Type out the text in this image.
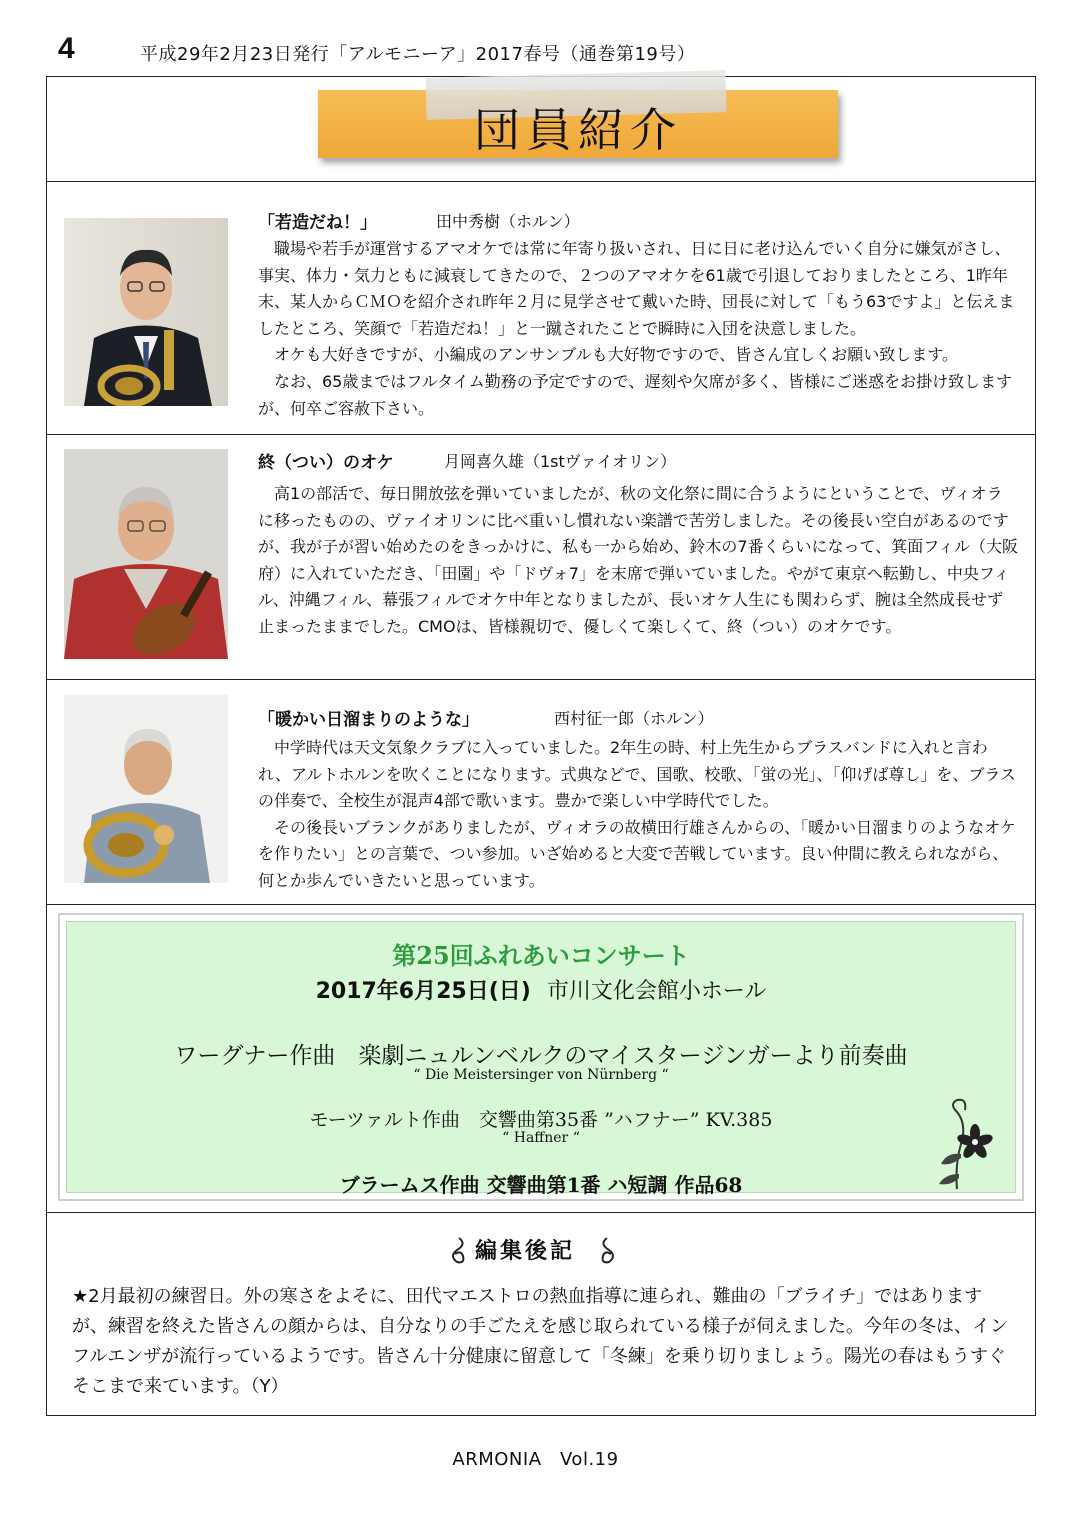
4	平成29年2月23日発行「アルモニーア」2017春号（通巻第19号）
団員紹介
「若造だね！」	田中秀樹（ホルン）

職場や若手が運営するアマオケでは常に年寄り扱いされ、日に日に老け込んでいく自分に嫌気がさし、事実、体力・気力ともに減衰してきたので、２つのアマオケを61歳で引退しておりましたところ、1昨年末、某人からＣＭＯを紹介され昨年２月に見学させて戴いた時、団長に対して「もう63ですよ」と伝えましたところ、笑顔で「若造だね！」と一蹴されたことで瞬時に入団を決意しました。

オケも大好きですが、小編成のアンサンブルも大好物ですので、皆さん宜しくお願い致します。

なお、65歳まではフルタイム勤務の予定ですので、遅刻や欠席が多く、皆様にご迷惑をお掛け致しますが、何卒ご容赦下さい。

終（つい）のオケ	月岡喜久雄（1stヴァイオリン）

高1の部活で、毎日開放弦を弾いていましたが、秋の文化祭に間に合うようにということで、ヴィオラに移ったものの、ヴァイオリンに比べ重いし慣れない楽譜で苦労しました。その後長い空白があるのですが、我が子が習い始めたのをきっかけに、私も一から始め、鈴木の7番くらいになって、箕面フィル（大阪府）に入れていただき、「田園」や「ドヴォ7」を末席で弾いていました。やがて東京へ転勤し、中央フィル、沖縄フィル、幕張フィルでオケ中年となりましたが、長いオケ人生にも関わらず、腕は全然成長せず止まったままでした。CMOは、皆様親切で、優しくて楽しくて、終（つい）のオケです。

「暖かい日溜まりのような」	西村征一郎（ホルン）

中学時代は天文気象クラブに入っていました。2年生の時、村上先生からブラスバンドに入れと言われ、アルトホルンを吹くことになります。式典などで、国歌、校歌、「蛍の光」、「仰げば尊し」を、ブラスの伴奏で、全校生が混声4部で歌います。豊かで楽しい中学時代でした。

その後長いブランクがありましたが、ヴィオラの故横田行雄さんからの、「暖かい日溜まりのようなオケを作りたい」との言葉で、つい参加。いざ始めると大変で苦戦しています。良い仲間に教えられながら、何とか歩んでいきたいと思っています。

第25回ふれあいコンサート
2017年6月25日(日) 市川文化会館小ホール
ワーグナー作曲　楽劇ニュルンベルクのマイスタージンガーより前奏曲
“ Die Meistersinger von Nürnberg “
モーツァルト作曲　交響曲第35番 ”ハフナー” KV.385
“ Haffner “
ブラームス作曲 交響曲第1番 ハ短調 作品68
編集後記
★2月最初の練習日。外の寒さをよそに、田代マエストロの熱血指導に連られ、難曲の「ブライチ」ではありますが、練習を終えた皆さんの顔からは、自分なりの手ごたえを感じ取られている様子が伺えました。今年の冬は、インフルエンザが流行っているようです。皆さん十分健康に留意して「冬練」を乗り切りましょう。陽光の春はもうすぐそこまで来ています。（Y）
ARMONIA　Vol.19
